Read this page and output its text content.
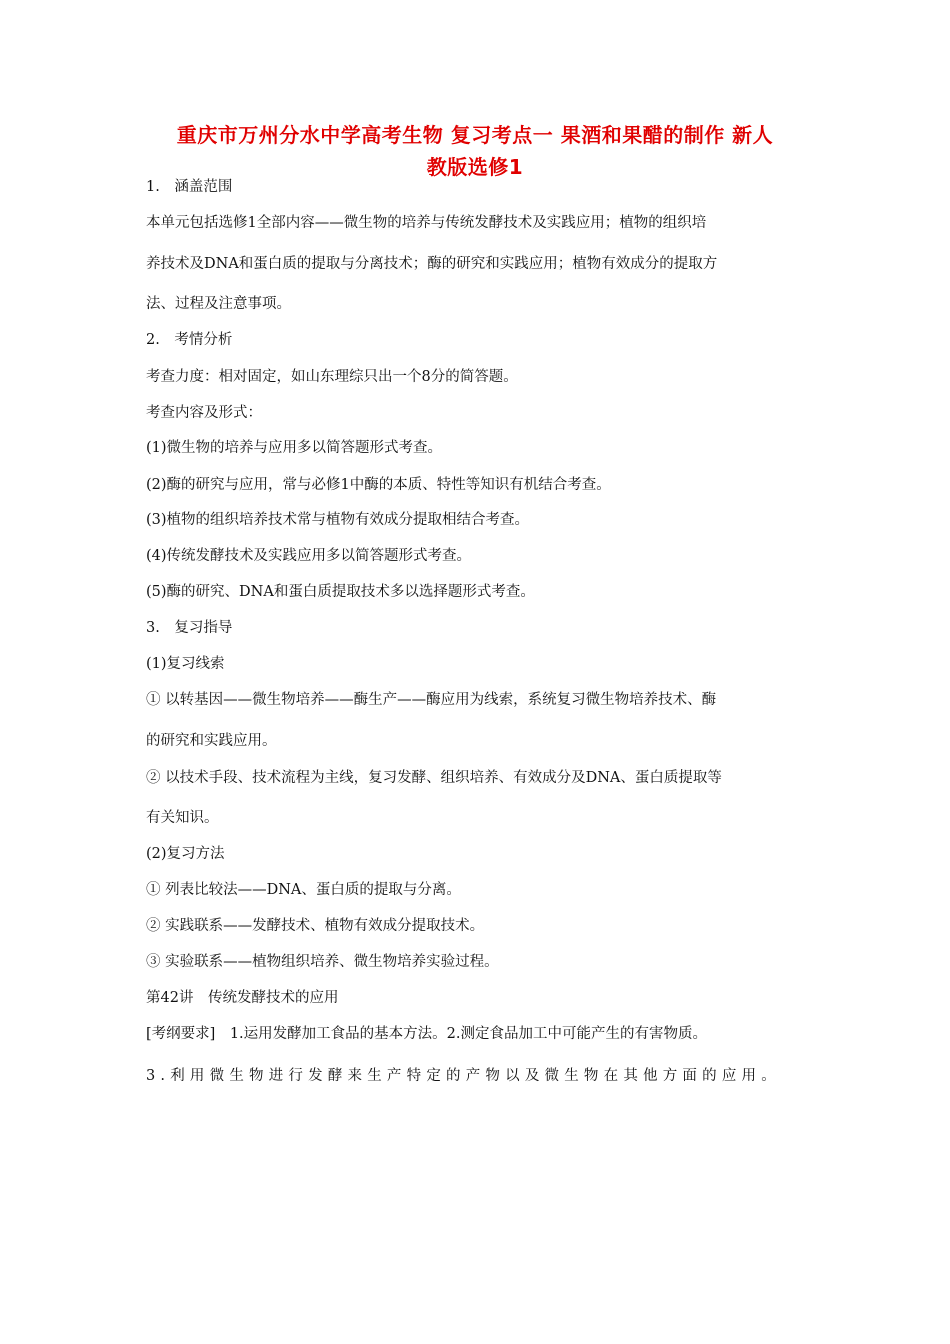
重庆市万州分水中学高考生物 复习考点一 果酒和果醋的制作 新人
教版选修1
1.　涵盖范围
本单元包括选修1全部内容——微生物的培养与传统发酵技术及实践应用；植物的组织培
养技术及DNA和蛋白质的提取与分离技术；酶的研究和实践应用；植物有效成分的提取方
法、过程及注意事项。
2.　考情分析
考查力度：相对固定，如山东理综只出一个8分的简答题。
考查内容及形式：
(1)微生物的培养与应用多以简答题形式考查。
(2)酶的研究与应用，常与必修1中酶的本质、特性等知识有机结合考查。
(3)植物的组织培养技术常与植物有效成分提取相结合考查。
(4)传统发酵技术及实践应用多以简答题形式考查。
(5)酶的研究、DNA和蛋白质提取技术多以选择题形式考查。
3.　复习指导
(1)复习线索
① 以转基因——微生物培养——酶生产——酶应用为线索，系统复习微生物培养技术、酶
的研究和实践应用。
② 以技术手段、技术流程为主线，复习发酵、组织培养、有效成分及DNA、蛋白质提取等
有关知识。
(2)复习方法
① 列表比较法——DNA、蛋白质的提取与分离。
② 实践联系——发酵技术、植物有效成分提取技术。
③ 实验联系——植物组织培养、微生物培养实验过程。
第42讲　传统发酵技术的应用
[考纲要求]　1.运用发酵加工食品的基本方法。2.测定食品加工中可能产生的有害物质。
3.利用微生物进行发酵来生产特定的产物以及微生物在其他方面的应用。
